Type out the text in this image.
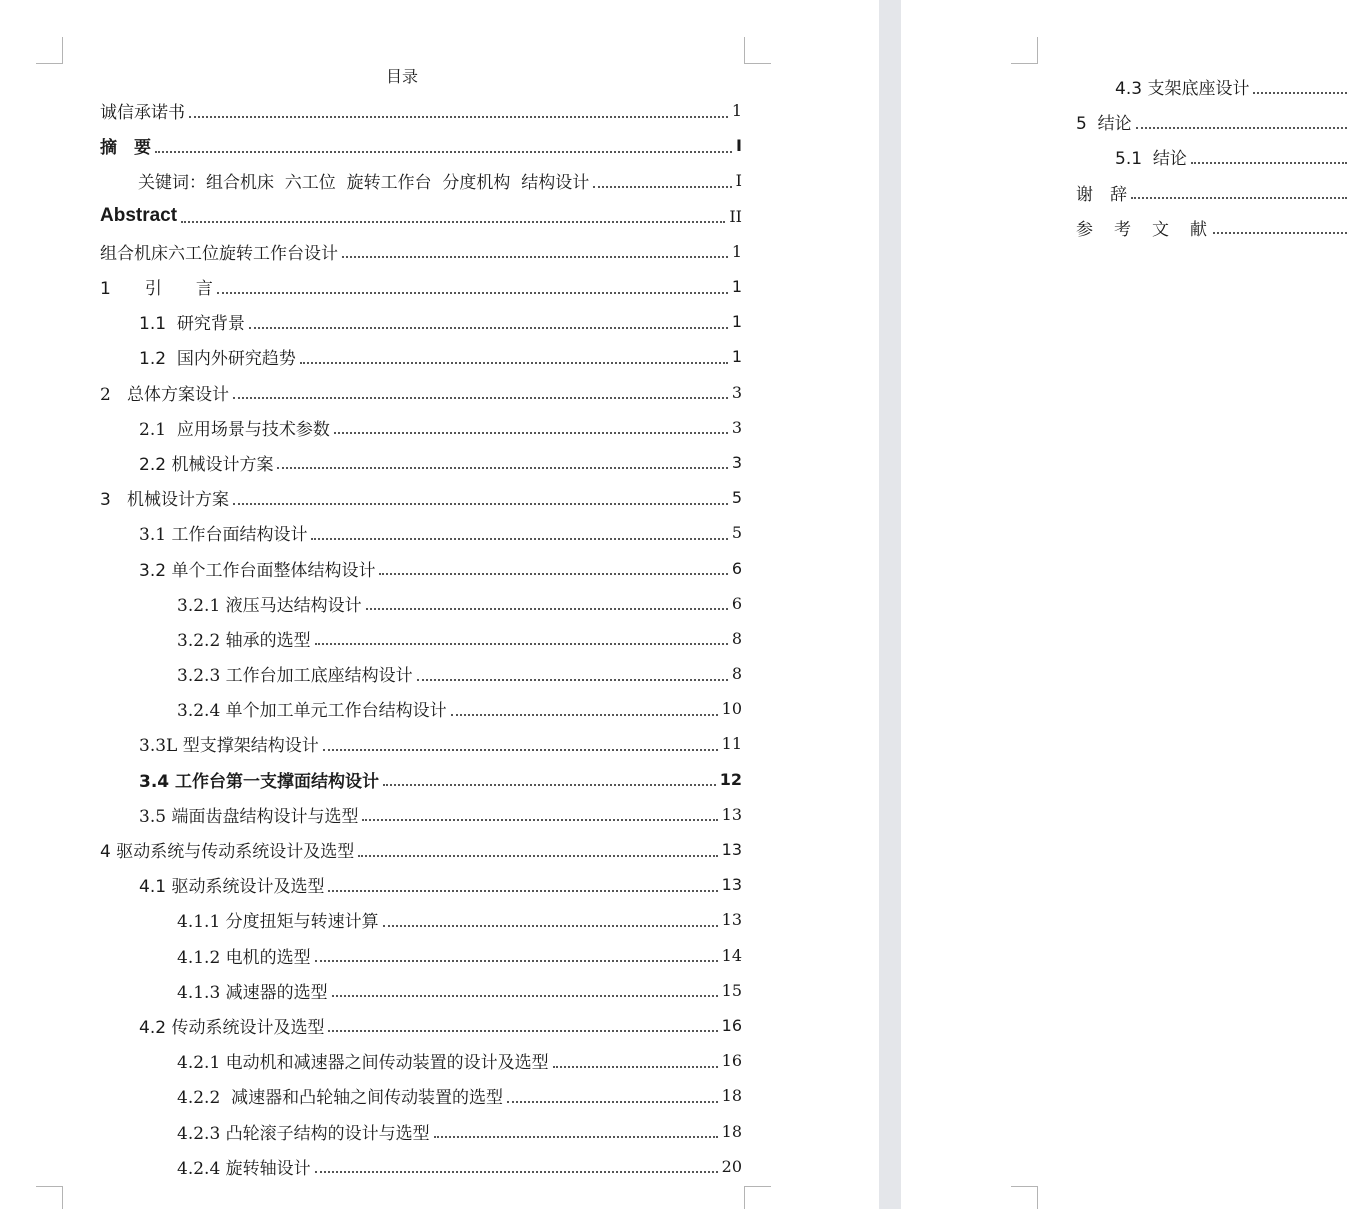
目录
诚信承诺书	1
摘　要	I
关键词：组合机床  六工位  旋转工作台  分度机构  结构设计	I
Abstract	II
组合机床六工位旋转工作台设计	1
1　　引　　言	1
1.1  研究背景	1
1.2  国内外研究趋势	1
2   总体方案设计	3
2.1  应用场景与技术参数	3
2.2 机械设计方案	3
3   机械设计方案	5
3.1 工作台面结构设计	5
3.2 单个工作台面整体结构设计	6
3.2.1 液压马达结构设计	6
3.2.2 轴承的选型	8
3.2.3 工作台加工底座结构设计	8
3.2.4 单个加工单元工作台结构设计	10
3.3L 型支撑架结构设计	11
3.4 工作台第一支撑面结构设计	12
3.5 端面齿盘结构设计与选型	13
4 驱动系统与传动系统设计及选型	13
4.1 驱动系统设计及选型	13
4.1.1 分度扭矩与转速计算	13
4.1.2 电机的选型	14
4.1.3 减速器的选型	15
4.2 传动系统设计及选型	16
4.2.1 电动机和减速器之间传动装置的设计及选型	16
4.2.2  减速器和凸轮轴之间传动装置的选型	18
4.2.3 凸轮滚子结构的设计与选型	18
4.2.4 旋转轴设计	20
4.3 支架底座设计
5  结论
5.1  结论
谢　辞
参　考　文　献
